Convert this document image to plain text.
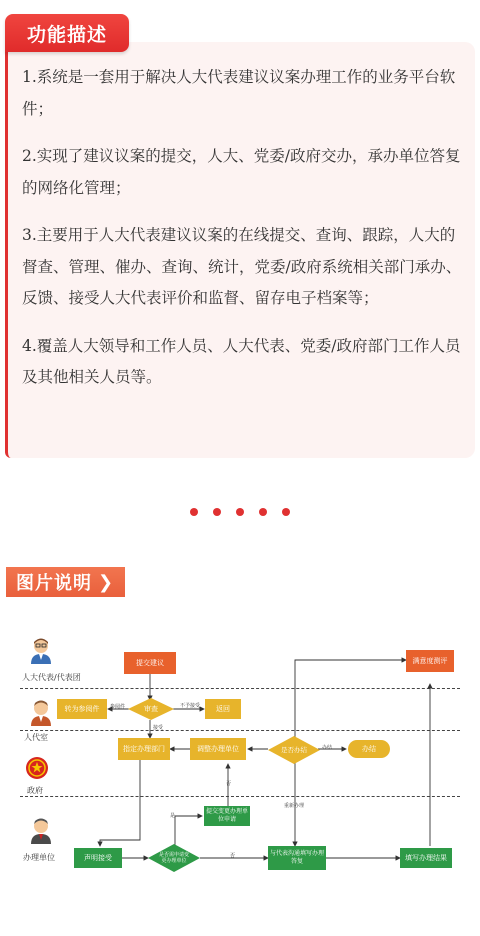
功能描述

1.系统是一套用于解决人大代表建议议案办理工作的业务平台软件；

2.实现了建议议案的提交，人大、党委/政府交办，承办单位答复的网络化管理；

3.主要用于人大代表建议议案的在线提交、查询、跟踪，人大的督查、管理、催办、查询、统计，党委/政府系统相关部门承办、反馈、接受人大代表评价和监督、留存电子档案等；

4.覆盖人大领导和工作人员、人大代表、党委/政府部门工作人员及其他相关人员等。

图片说明 ❯
人大代表/代表团
人代室
政府
办理单位
提交建议	满意度测评
转为参阅件	审查	返回
指定办理部门	调整办理单位	是否办结	办结
提交变更办理单位申请
声明接受	是否需申请变更办理单位
与代表沟通填写办理答复	填写办理结果
参阅件	不予接受
接受
是
否
否
办结
重新办理
